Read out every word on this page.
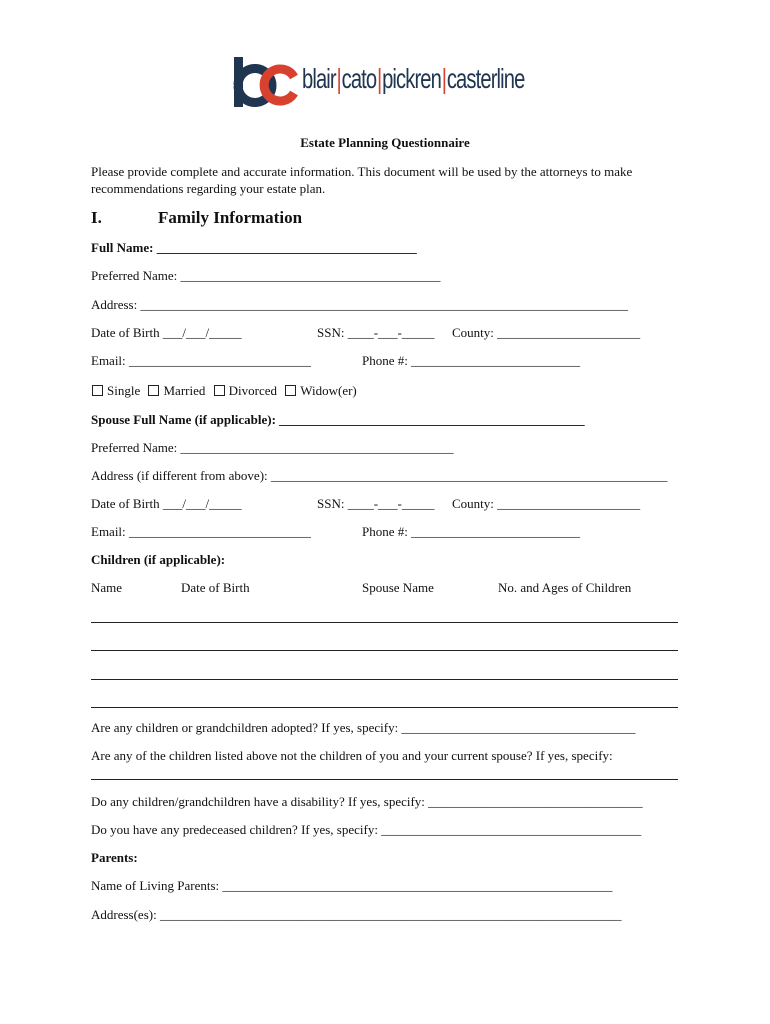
blair|cato|pickren|casterline
Estate Planning Questionnaire
Please provide complete and accurate information. This document will be used by the attorneys to make recommendations regarding your estate plan.
I.	Family Information
Full Name: ________________________________________
Preferred Name: ________________________________________
Address: ___________________________________________________________________________
Date of Birth ___/___/_____	SSN: ____-___-_____ County: ______________________
Email: ____________________________	Phone #: __________________________
Single Married Divorced Widow(er)
Spouse Full Name (if applicable): _______________________________________________
Preferred Name: __________________________________________
Address (if different from above): _____________________________________________________________
Date of Birth ___/___/_____	SSN: ____-___-_____ County: ______________________
Email: ____________________________	Phone #: __________________________
Children (if applicable):
Name	Date of Birth	Spouse Name	No. and Ages of Children
Are any children or grandchildren adopted? If yes, specify: ____________________________________
Are any of the children listed above not the children of you and your current spouse? If yes, specify:
Do any children/grandchildren have a disability? If yes, specify: _________________________________
Do you have any predeceased children? If yes, specify: ________________________________________
Parents:
Name of Living Parents: ____________________________________________________________
Address(es): _______________________________________________________________________
